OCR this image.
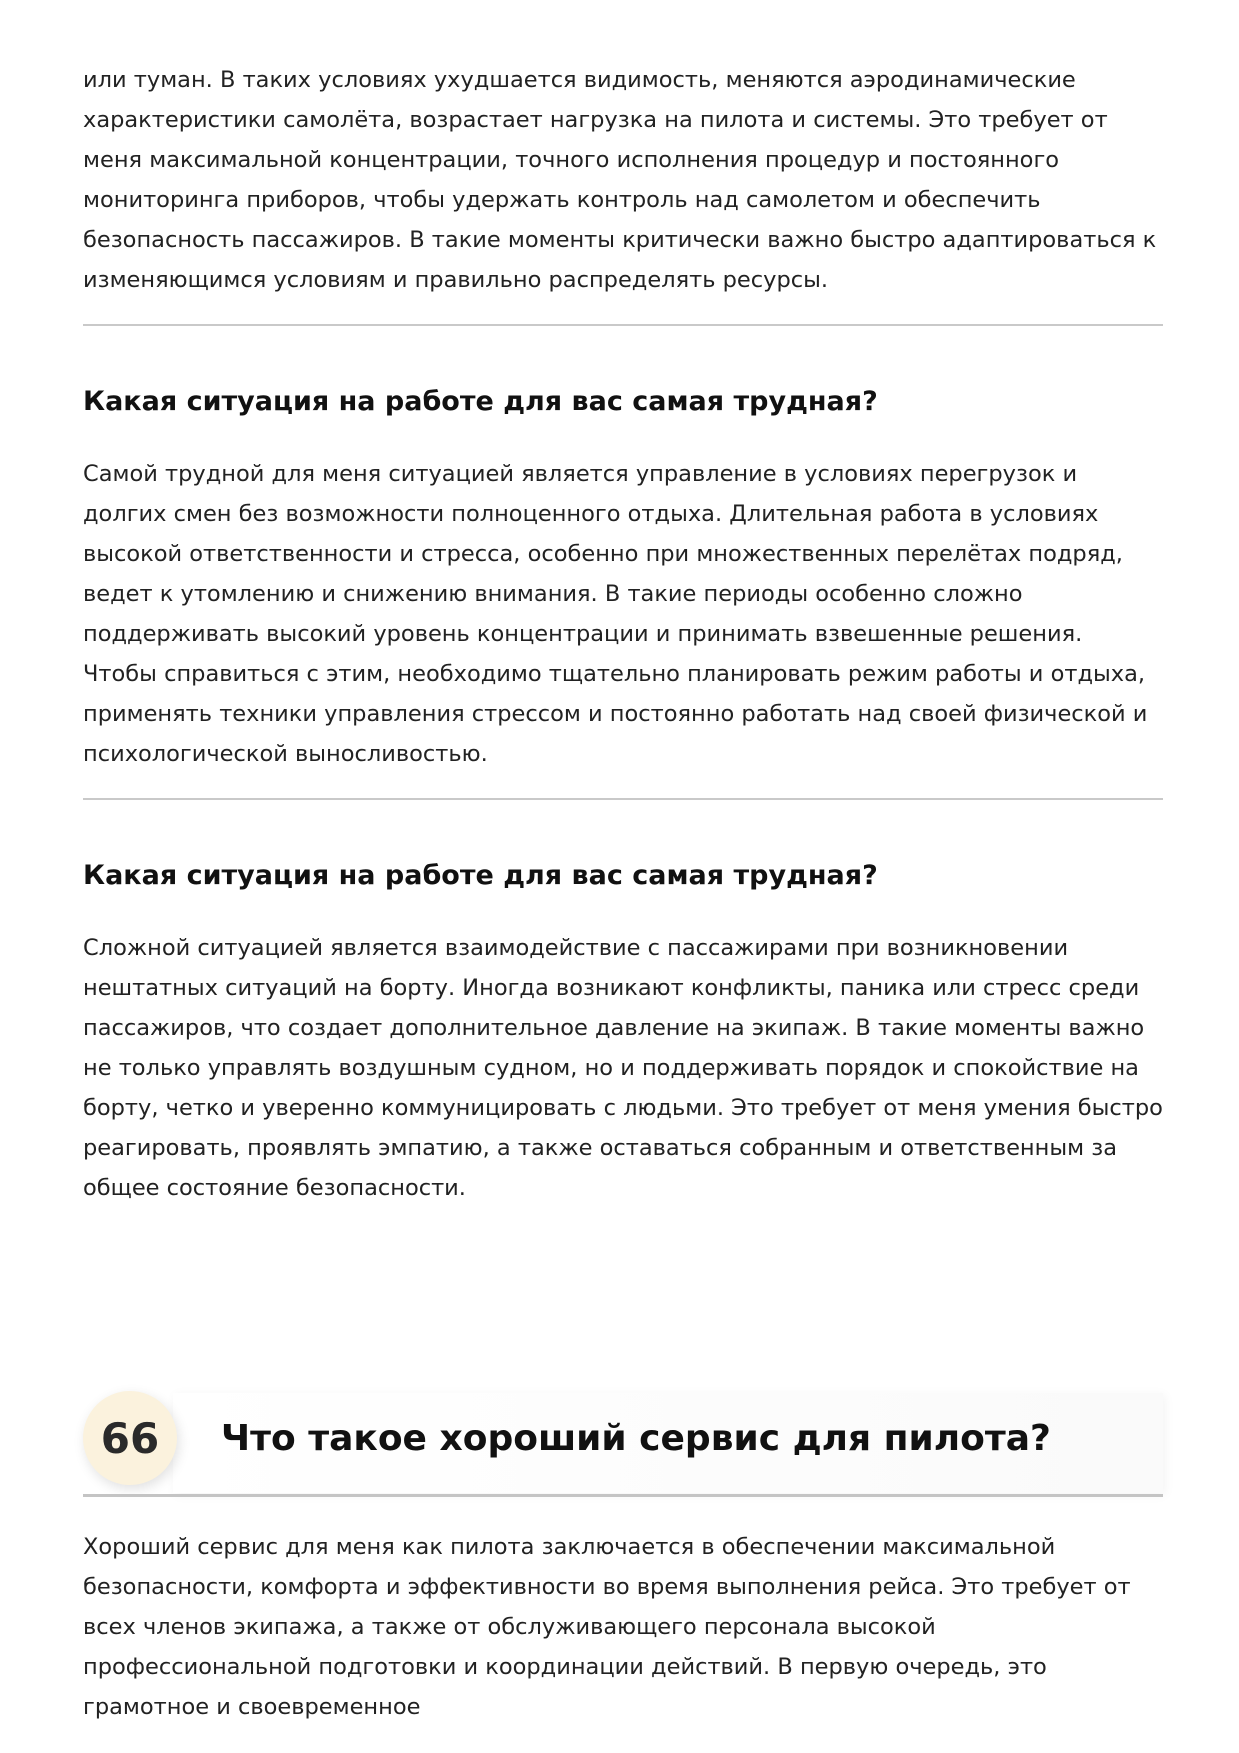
или туман. В таких условиях ухудшается видимость, меняются аэродинамические характеристики самолёта, возрастает нагрузка на пилота и системы. Это требует от меня максимальной концентрации, точного исполнения процедур и постоянного мониторинга приборов, чтобы удержать контроль над самолетом и обеспечить безопасность пассажиров. В такие моменты критически важно быстро адаптироваться к изменяющимся условиям и правильно распределять ресурсы.

Какая ситуация на работе для вас самая трудная?

Самой трудной для меня ситуацией является управление в условиях перегрузок и долгих смен без возможности полноценного отдыха. Длительная работа в условиях высокой ответственности и стресса, особенно при множественных перелётах подряд, ведет к утомлению и снижению внимания. В такие периоды особенно сложно поддерживать высокий уровень концентрации и принимать взвешенные решения. Чтобы справиться с этим, необходимо тщательно планировать режим работы и отдыха, применять техники управления стрессом и постоянно работать над своей физической и психологической выносливостью.

Какая ситуация на работе для вас самая трудная?

Сложной ситуацией является взаимодействие с пассажирами при возникновении нештатных ситуаций на борту. Иногда возникают конфликты, паника или стресс среди пассажиров, что создает дополнительное давление на экипаж. В такие моменты важно не только управлять воздушным судном, но и поддерживать порядок и спокойствие на борту, четко и уверенно коммуницировать с людьми. Это требует от меня умения быстро реагировать, проявлять эмпатию, а также оставаться собранным и ответственным за общее состояние безопасности.

66	Что такое хороший сервис для пилота?

Хороший сервис для меня как пилота заключается в обеспечении максимальной безопасности, комфорта и эффективности во время выполнения рейса. Это требует от всех членов экипажа, а также от обслуживающего персонала высокой профессиональной подготовки и координации действий. В первую очередь, это грамотное и своевременное
